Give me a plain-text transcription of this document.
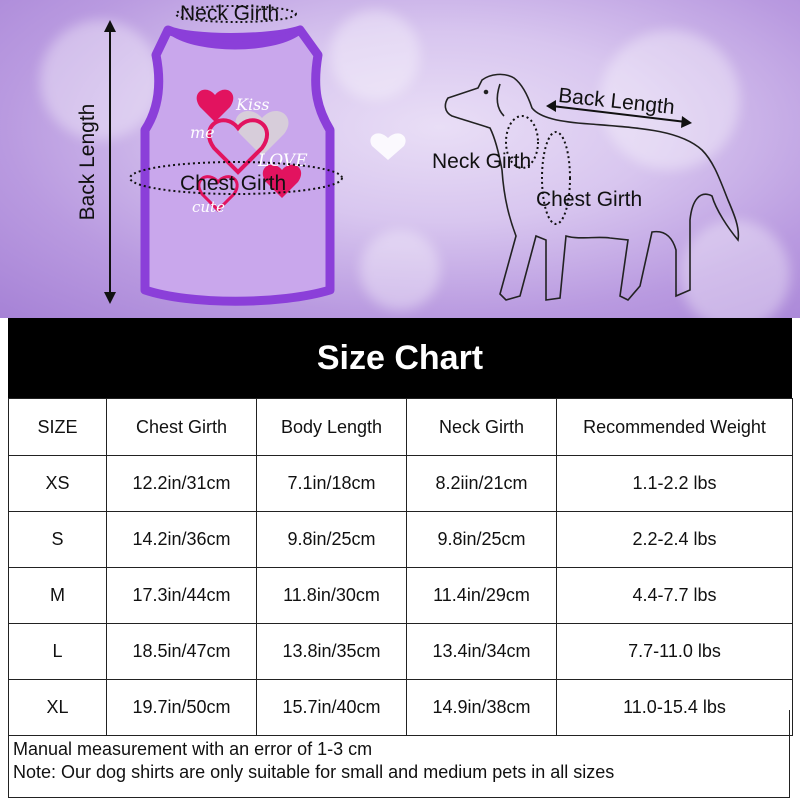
Kiss
me
LOVE
cute
Neck Girth
Chest Girth
Back Length
Back Length
Neck Girth
Chest Girth
Size Chart
SIZE	Chest Girth	Body Length	Neck Girth	Recommended Weight
XS	12.2in/31cm	7.1in/18cm	8.2iin/21cm	1.1-2.2 lbs
S	14.2in/36cm	9.8in/25cm	9.8in/25cm	2.2-2.4 lbs
M	17.3in/44cm	11.8in/30cm	11.4in/29cm	4.4-7.7 lbs
L	18.5in/47cm	13.8in/35cm	13.4in/34cm	7.7-11.0 lbs
XL	19.7in/50cm	15.7in/40cm	14.9in/38cm	11.0-15.4 lbs
Manual measurement with an error of 1-3 cm
Note: Our dog shirts are only suitable for small and medium pets in all sizes
